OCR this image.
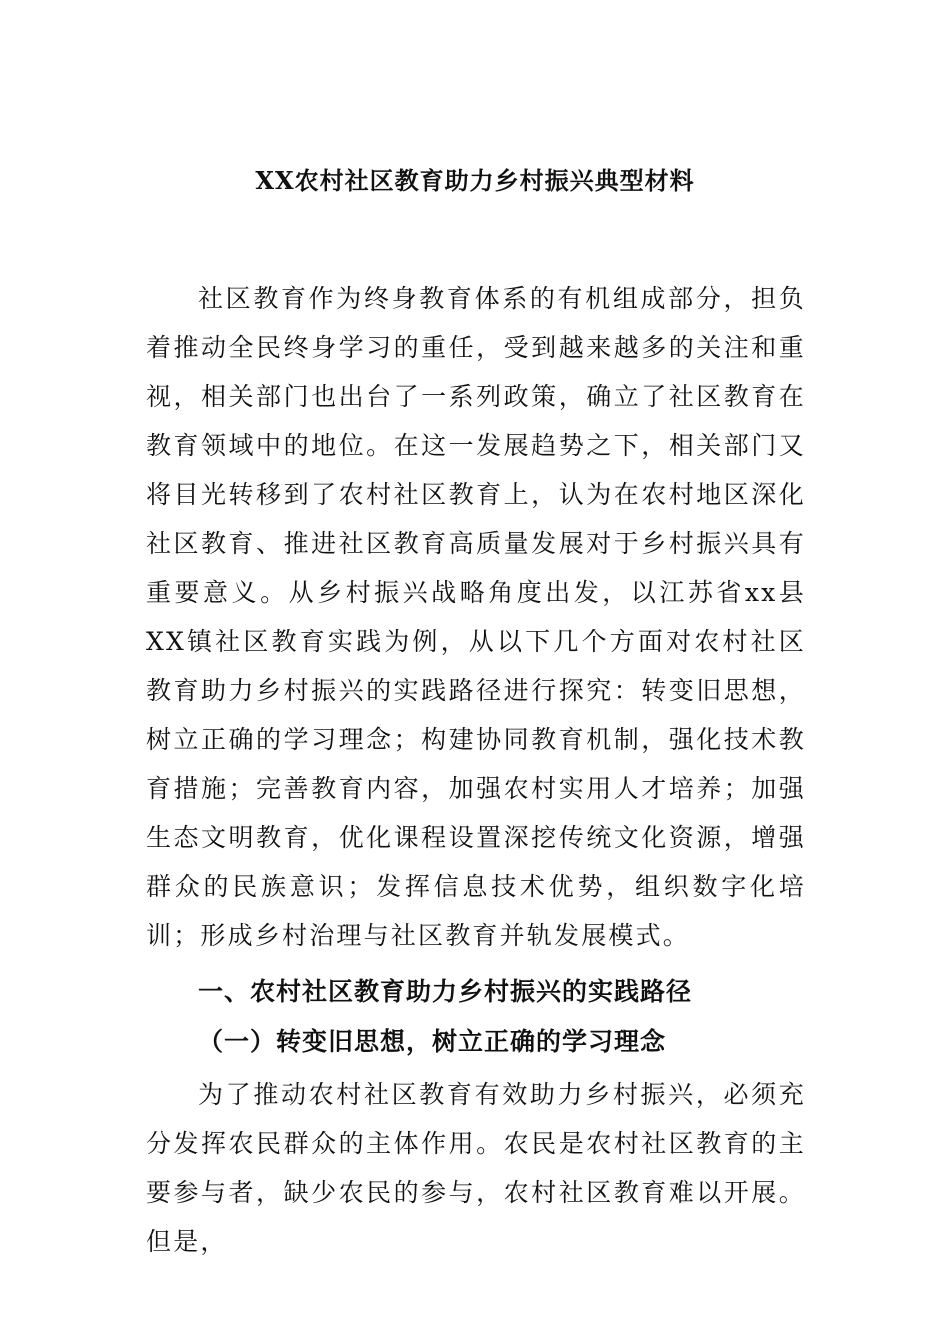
XX农村社区教育助力乡村振兴典型材料

社区教育作为终身教育体系的有机组成部分，担负着推动全民终身学习的重任，受到越来越多的关注和重视，相关部门也出台了一系列政策，确立了社区教育在教育领域中的地位。在这一发展趋势之下，相关部门又将目光转移到了农村社区教育上，认为在农村地区深化社区教育、推进社区教育高质量发展对于乡村振兴具有重要意义。从乡村振兴战略角度出发，以江苏省xx县XX镇社区教育实践为例，从以下几个方面对农村社区教育助力乡村振兴的实践路径进行探究：转变旧思想，树立正确的学习理念；构建协同教育机制，强化技术教育措施；完善教育内容，加强农村实用人才培养；加强生态文明教育，优化课程设置深挖传统文化资源，增强群众的民族意识；发挥信息技术优势，组织数字化培训；形成乡村治理与社区教育并轨发展模式。

一、农村社区教育助力乡村振兴的实践路径
（一）转变旧思想，树立正确的学习理念

为了推动农村社区教育有效助力乡村振兴，必须充分发挥农民群众的主体作用。农民是农村社区教育的主要参与者，缺少农民的参与，农村社区教育难以开展。但是，
